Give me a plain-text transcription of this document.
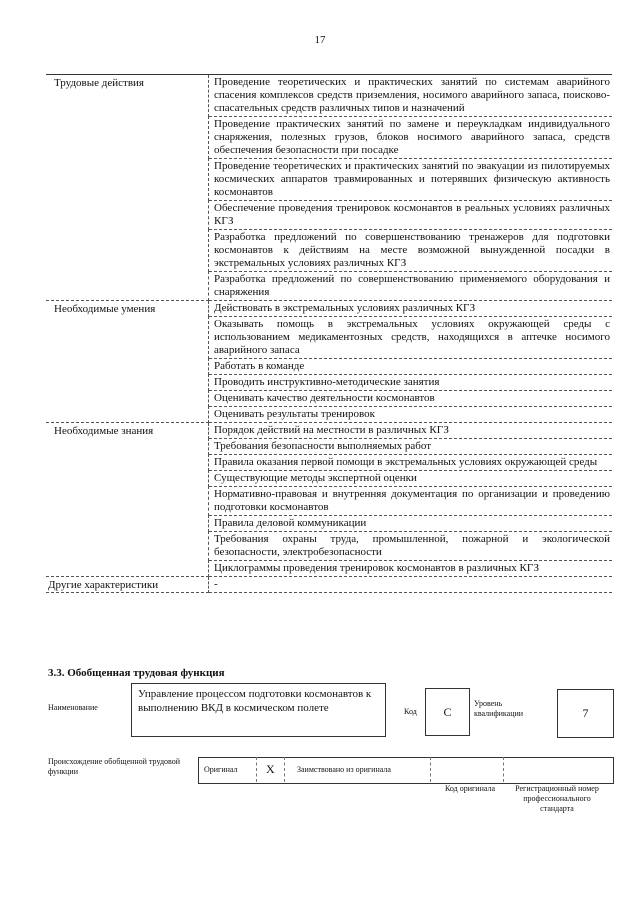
17
Трудовые действия	Проведение теоретических и практических занятий по системам аварийного спасения комплексов средств приземления, носимого аварийного запаса, поисково-спасательных средств различных типов и назначений
	Проведение практических занятий по замене и переукладкам индивидуального снаряжения, полезных грузов, блоков носимого аварийного запаса, средств обеспечения безопасности при посадке
	Проведение теоретических и практических занятий по эвакуации из пилотируемых космических аппаратов травмированных и потерявших физическую активность космонавтов
	Обеспечение проведения тренировок космонавтов в реальных условиях различных КГЗ
	Разработка предложений по совершенствованию тренажеров для подготовки космонавтов к действиям на месте возможной вынужденной посадки в экстремальных условиях различных КГЗ
	Разработка предложений по совершенствованию применяемого оборудования и снаряжения
Необходимые умения	Действовать в экстремальных условиях различных КГЗ
	Оказывать помощь в экстремальных условиях окружающей среды с использованием медикаментозных средств, находящихся в аптечке носимого аварийного запаса
	Работать в команде
	Проводить инструктивно-методические занятия
	Оценивать качество деятельности космонавтов
	Оценивать результаты тренировок
Необходимые знания	Порядок действий на местности в различных КГЗ
	Требования безопасности выполняемых работ
	Правила оказания первой помощи в экстремальных условиях окружающей среды
	Существующие методы экспертной оценки
	Нормативно-правовая и внутренняя документация по организации и проведению подготовки космонавтов
	Правила деловой коммуникации
	Требования охраны труда, промышленной, пожарной и экологической безопасности, электробезопасности
	Циклограммы проведения тренировок космонавтов в различных КГЗ
Другие характеристики	-
3.3. Обобщенная трудовая функция
Наименование
Управление процессом подготовки космонавтов к выполнению ВКД в космическом полете	Код С
Уровень квалификации	7
Происхождение обобщенной трудовой функции	Оригинал Х	Заимствовано из оригинала
Код оригинала	Регистрационный номер профессионального стандарта
